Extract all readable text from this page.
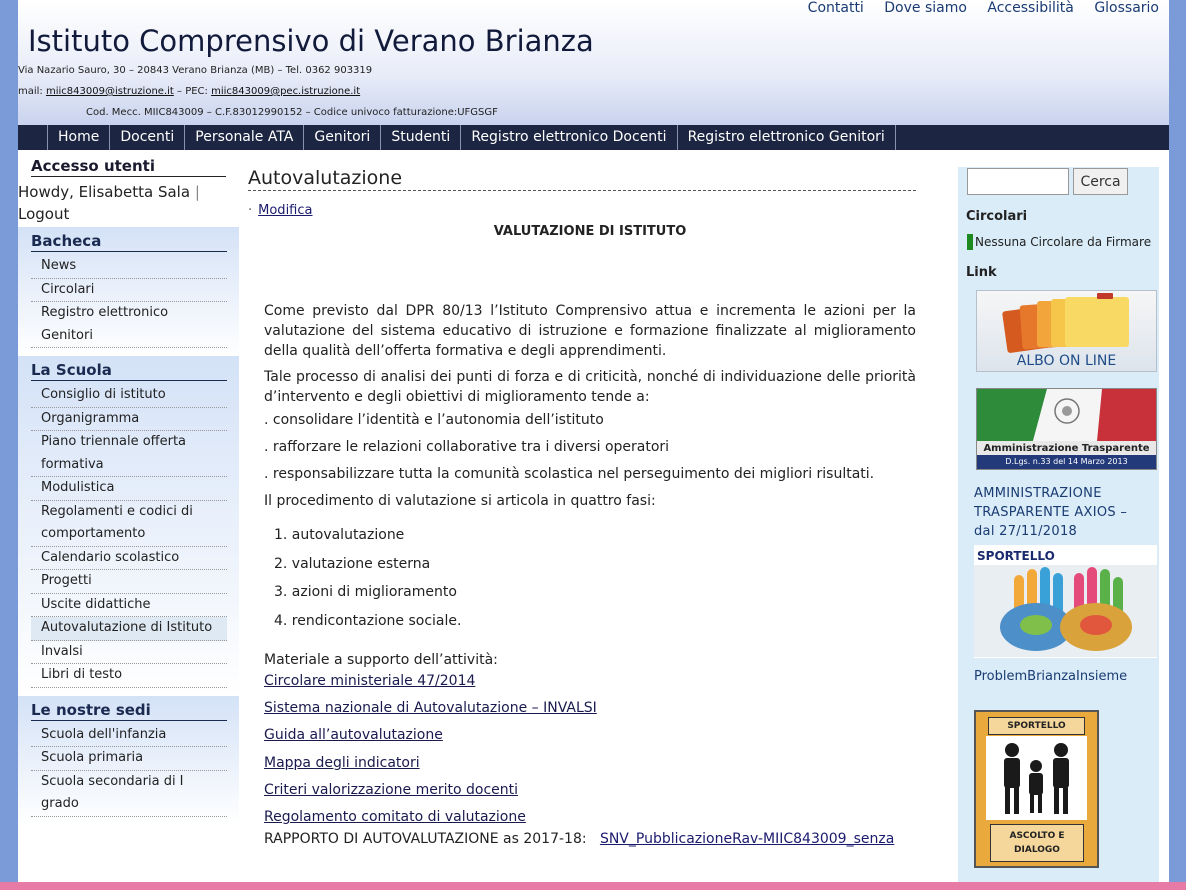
Contatti Dove siamo Accessibilità Glossario
Istituto Comprensivo di Verano Brianza
Via Nazario Sauro, 30 – 20843 Verano Brianza (MB) – Tel. 0362 903319
mail: miic843009@istruzione.it – PEC: miic843009@pec.istruzione.it
Cod. Mecc. MIIC843009 – C.F.83012990152 – Codice univoco fatturazione:UFGSGF
Home	Docenti	Personale ATA	Genitori	Studenti	Registro elettronico Docenti	Registro elettronico Genitori
Accesso utenti
Howdy, Elisabetta Sala |
Logout
Bacheca
News
Circolari
Registro elettronico
Genitori
La Scuola
Consiglio di istituto
Organigramma
Piano triennale offerta
formativa
Modulistica
Regolamenti e codici di
comportamento
Calendario scolastico
Progetti
Uscite didattiche
Autovalutazione di Istituto
Invalsi
Libri di testo
Le nostre sedi
Scuola dell'infanzia
Scuola primaria
Scuola secondaria di I
grado
Autovalutazione
· Modifica
VALUTAZIONE DI ISTITUTO

Come previsto dal DPR 80/13 l’Istituto Comprensivo attua e incrementa le azioni per la valutazione del sistema educativo di istruzione e formazione finalizzate al miglioramento della qualità dell’offerta formativa e degli apprendimenti.

Tale processo di analisi dei punti di forza e di criticità, nonché di individuazione delle priorità d’intervento e degli obiettivi di miglioramento tende a:

. consolidare l’identità e l’autonomia dell’istituto
. rafforzare le relazioni collaborative tra i diversi operatori
. responsabilizzare tutta la comunità scolastica nel perseguimento dei migliori risultati.
Il procedimento di valutazione si articola in quattro fasi:
1. autovalutazione
2. valutazione esterna
3. azioni di miglioramento
4. rendicontazione sociale.
Materiale a supporto dell’attività:
Circolare ministeriale 47/2014
Sistema nazionale di Autovalutazione – INVALSI
Guida all’autovalutazione
Mappa degli indicatori
Criteri valorizzazione merito docenti
Regolamento comitato di valutazione
RAPPORTO DI AUTOVALUTAZIONE as 2017-18: SNV_PubblicazioneRav-MIIC843009_senza
Cerca
Circolari
Nessuna Circolare da Firmare
Link
ALBO ON LINE
Amministrazione Trasparente
D.Lgs. n.33 del 14 Marzo 2013
AMMINISTRAZIONE TRASPARENTE AXIOS – dal 27/11/2018
SPORTELLO
ProblemBrianzaInsieme
SPORTELLO
ASCOLTO E DIALOGO
